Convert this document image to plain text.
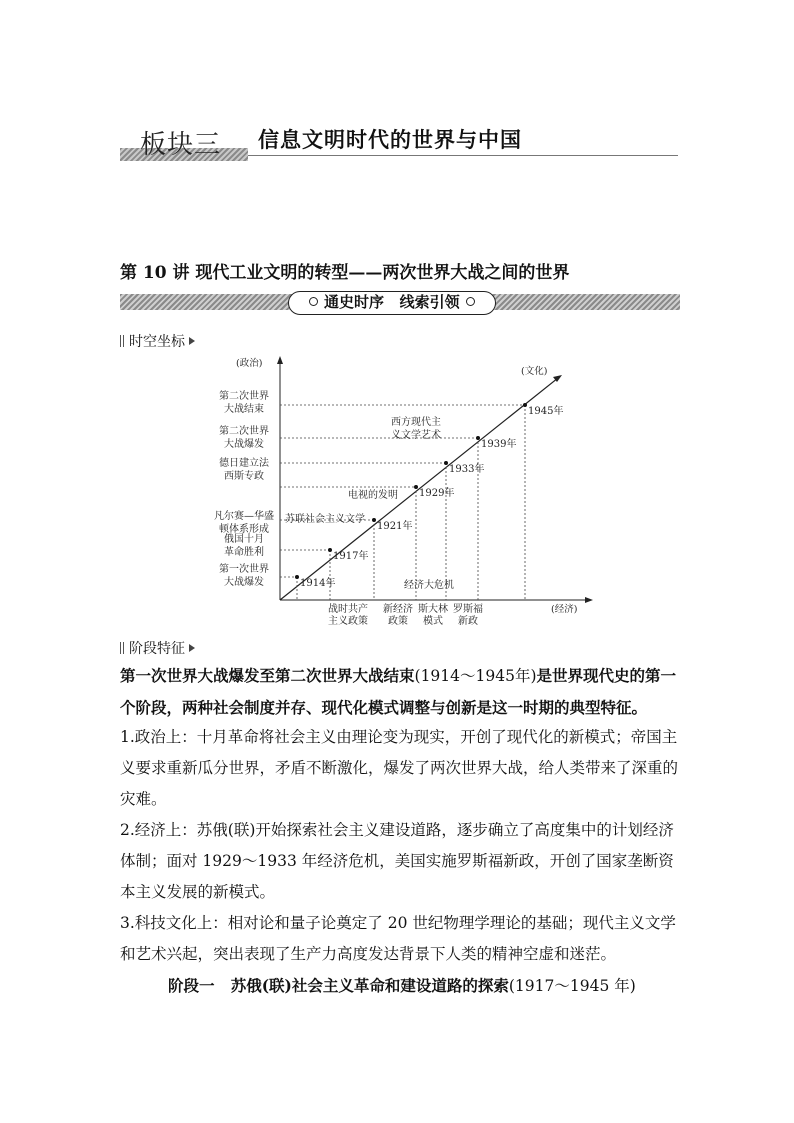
板块三 信息文明时代的世界与中国
第 10 讲 现代工业文明的转型——两次世界大战之间的世界
通史时序   线索引领
时空坐标
1914年
1917年
1921年
1929年
1933年
1939年
1945年
(政治)
(文化)
(经济)
第二次世界
大战结束
第二次世界
大战爆发
德日建立法
西斯专政
凡尔赛—华盛
顿体系形成
俄国十月
革命胜利
第一次世界
大战爆发
战时共产
主义政策
新经济
政策
斯大林
模式
罗斯福
新政
西方现代主
义文学艺术
电视的发明
苏联社会主义文学
经济大危机
阶段特征
第一次世界大战爆发至第二次世界大战结束(1914～1945年)是世界现代史的第一个阶段，两种社会制度并存、现代化模式调整与创新是这一时期的典型特征。
1.政治上：十月革命将社会主义由理论变为现实，开创了现代化的新模式；帝国主义要求重新瓜分世界，矛盾不断激化，爆发了两次世界大战，给人类带来了深重的灾难。
2.经济上：苏俄(联)开始探索社会主义建设道路，逐步确立了高度集中的计划经济体制；面对 1929～1933 年经济危机，美国实施罗斯福新政，开创了国家垄断资本主义发展的新模式。
3.科技文化上：相对论和量子论奠定了 20 世纪物理学理论的基础；现代主义文学和艺术兴起，突出表现了生产力高度发达背景下人类的精神空虚和迷茫。
阶段一   苏俄(联)社会主义革命和建设道路的探索(1917～1945 年)
